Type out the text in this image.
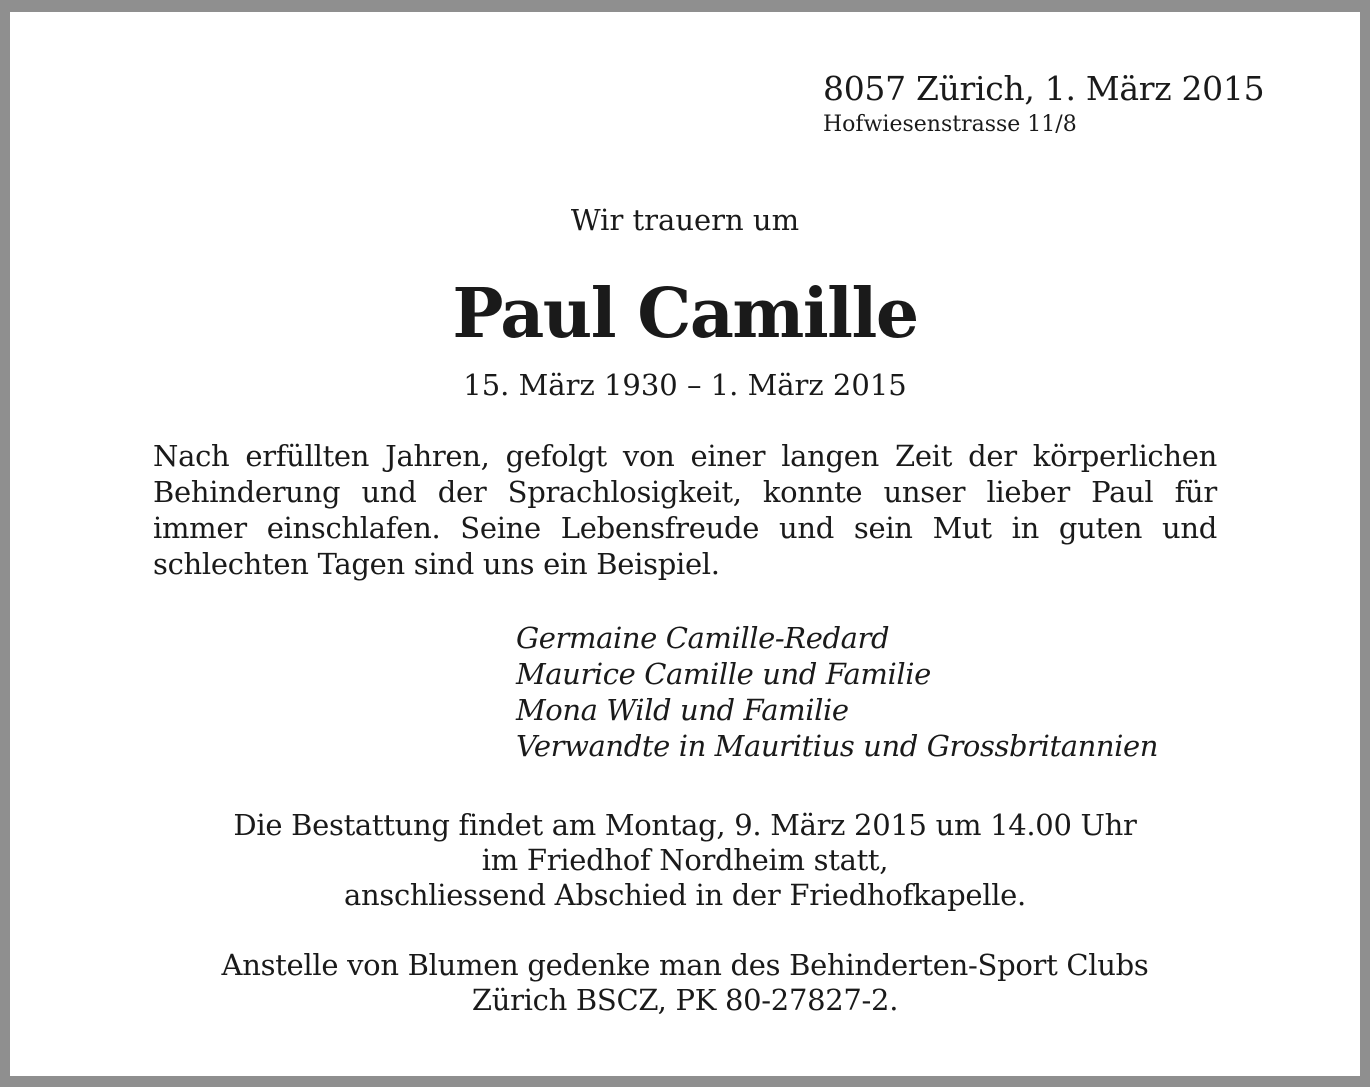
8057 Zürich, 1. März 2015
Hofwiesenstrasse 11/8
Wir trauern um
Paul Camille
15. März 1930 – 1. März 2015
Nach erfüllten Jahren, gefolgt von einer langen Zeit der körperlichen Behinderung und der Sprachlosigkeit, konnte unser lieber Paul für immer einschlafen. Seine Lebensfreude und sein Mut in guten und schlechten Tagen sind uns ein Beispiel.
Germaine Camille-Redard
Maurice Camille und Familie
Mona Wild und Familie
Verwandte in Mauritius und Grossbritannien
Die Bestattung findet am Montag, 9. März 2015 um 14.00 Uhr
im Friedhof Nordheim statt,
anschliessend Abschied in der Friedhofkapelle.
Anstelle von Blumen gedenke man des Behinderten-Sport Clubs
Zürich BSCZ, PK 80-27827-2.
